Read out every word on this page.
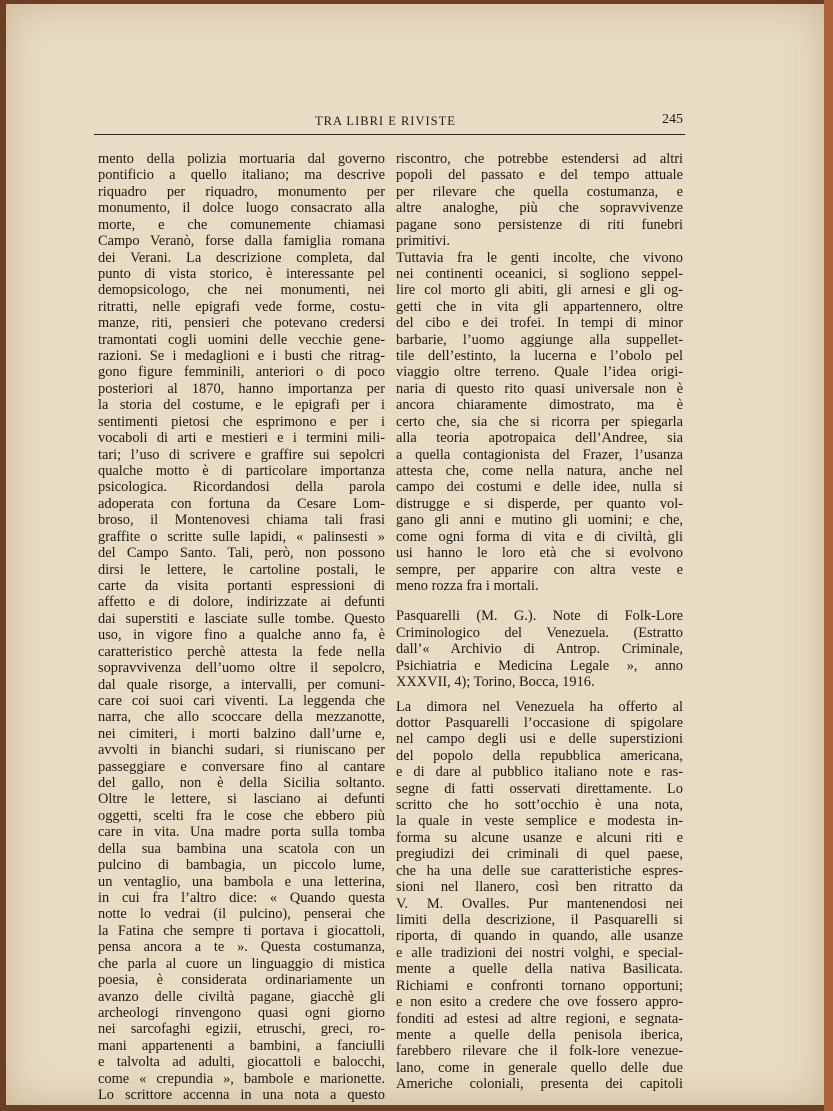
TRA LIBRI E RIVISTE	245

mento della polizia mortuaria dal governo

pontificio a quello italiano; ma descrive

riquadro per riquadro, monumento per

monumento, il dolce luogo consacrato alla

morte, e che comunemente chiamasi

Campo Veranò, forse dalla famiglia romana

dei Verani. La descrizione completa, dal

punto di vista storico, è interessante pel

demopsicologo, che nei monumenti, nei

ritratti, nelle epigrafi vede forme, costu-

manze, riti, pensieri che potevano credersi

tramontati cogli uomini delle vecchie gene-

razioni. Se i medaglioni e i busti che ritrag-

gono figure femminili, anteriori o di poco

posteriori al 1870, hanno importanza per

la storia del costume, e le epigrafi per i

sentimenti pietosi che esprimono e per i

vocaboli di arti e mestieri e i termini mili-

tari; l’uso di scrivere e graffire sui sepolcri

qualche motto è di particolare importanza

psicologica. Ricordandosi della parola

adoperata con fortuna da Cesare Lom-

broso, il Montenovesi chiama tali frasi

graffite o scritte sulle lapidi, « palinsesti »

del Campo Santo. Tali, però, non possono

dirsi le lettere, le cartoline postali, le

carte da visita portanti espressioni di

affetto e di dolore, indirizzate ai defunti

dai superstiti e lasciate sulle tombe. Questo

uso, in vigore fino a qualche anno fa, è

caratteristico perchè attesta la fede nella

sopravvivenza dell’uomo oltre il sepolcro,

dal quale risorge, a intervalli, per comuni-

care coi suoi cari viventi. La leggenda che

narra, che allo scoccare della mezzanotte,

nei cimiteri, i morti balzino dall’urne e,

avvolti in bianchi sudari, si riuniscano per

passeggiare e conversare fino al cantare

del gallo, non è della Sicilia soltanto.

Oltre le lettere, si lasciano ai defunti

oggetti, scelti fra le cose che ebbero più

care in vita. Una madre porta sulla tomba

della sua bambina una scatola con un

pulcino di bambagia, un piccolo lume,

un ventaglio, una bambola e una letterina,

in cui fra l’altro dice: « Quando questa

notte lo vedrai (il pulcino), penserai che

la Fatina che sempre ti portava i giocattoli,

pensa ancora a te ». Questa costumanza,

che parla al cuore un linguaggio di mistica

poesia, è considerata ordinariamente un

avanzo delle civiltà pagane, giacchè gli

archeologi rinvengono quasi ogni giorno

nei sarcofaghi egizii, etruschi, greci, ro-

mani appartenenti a bambini, a fanciulli

e talvolta ad adulti, giocattoli e balocchi,

come « crepundia », bambole e marionette.

Lo scrittore accenna in una nota a questo

riscontro, che potrebbe estendersi ad altri

popoli del passato e del tempo attuale

per rilevare che quella costumanza, e

altre analoghe, più che sopravvivenze

pagane sono persistenze di riti funebri

primitivi.

Tuttavia fra le genti incolte, che vivono

nei continenti oceanici, si sogliono seppel-

lire col morto gli abiti, gli arnesi e gli og-

getti che in vita gli appartennero, oltre

del cibo e dei trofei. In tempi di minor

barbarie, l’uomo aggiunge alla suppellet-

tile dell’estinto, la lucerna e l’obolo pel

viaggio oltre terreno. Quale l’idea origi-

naria di questo rito quasi universale non è

ancora chiaramente dimostrato, ma è

certo che, sia che si ricorra per spiegarla

alla teoria apotropaica dell’Andree, sia

a quella contagionista del Frazer, l’usanza

attesta che, come nella natura, anche nel

campo dei costumi e delle idee, nulla si

distrugge e si disperde, per quanto vol-

gano gli anni e mutino gli uomini; e che,

come ogni forma di vita e di civiltà, gli

usi hanno le loro età che si evolvono

sempre, per apparire con altra veste e

meno rozza fra i mortali.

Pasquarelli (M. G.). Note di Folk-Lore

Criminologico del Venezuela. (Estratto

dall’« Archivio di Antrop. Criminale,

Psichiatria e Medicina Legale », anno

XXXVII, 4); Torino, Bocca, 1916.

La dimora nel Venezuela ha offerto al

dottor Pasquarelli l’occasione di spigolare

nel campo degli usi e delle superstizioni

del popolo della repubblica americana,

e di dare al pubblico italiano note e ras-

segne di fatti osservati direttamente. Lo

scritto che ho sott’occhio è una nota,

la quale in veste semplice e modesta in-

forma su alcune usanze e alcuni riti e

pregiudizi dei criminali di quel paese,

che ha una delle sue caratteristiche espres-

sioni nel llanero, così ben ritratto da

V. M. Ovalles. Pur mantenendosi nei

limiti della descrizione, il Pasquarelli si

riporta, di quando in quando, alle usanze

e alle tradizioni dei nostri volghi, e special-

mente a quelle della nativa Basilicata.

Richiami e confronti tornano opportuni;

e non esito a credere che ove fossero appro-

fonditi ad estesi ad altre regioni, e segnata-

mente a quelle della penisola iberica,

farebbero rilevare che il folk-lore venezue-

lano, come in generale quello delle due

Americhe coloniali, presenta dei capitoli
